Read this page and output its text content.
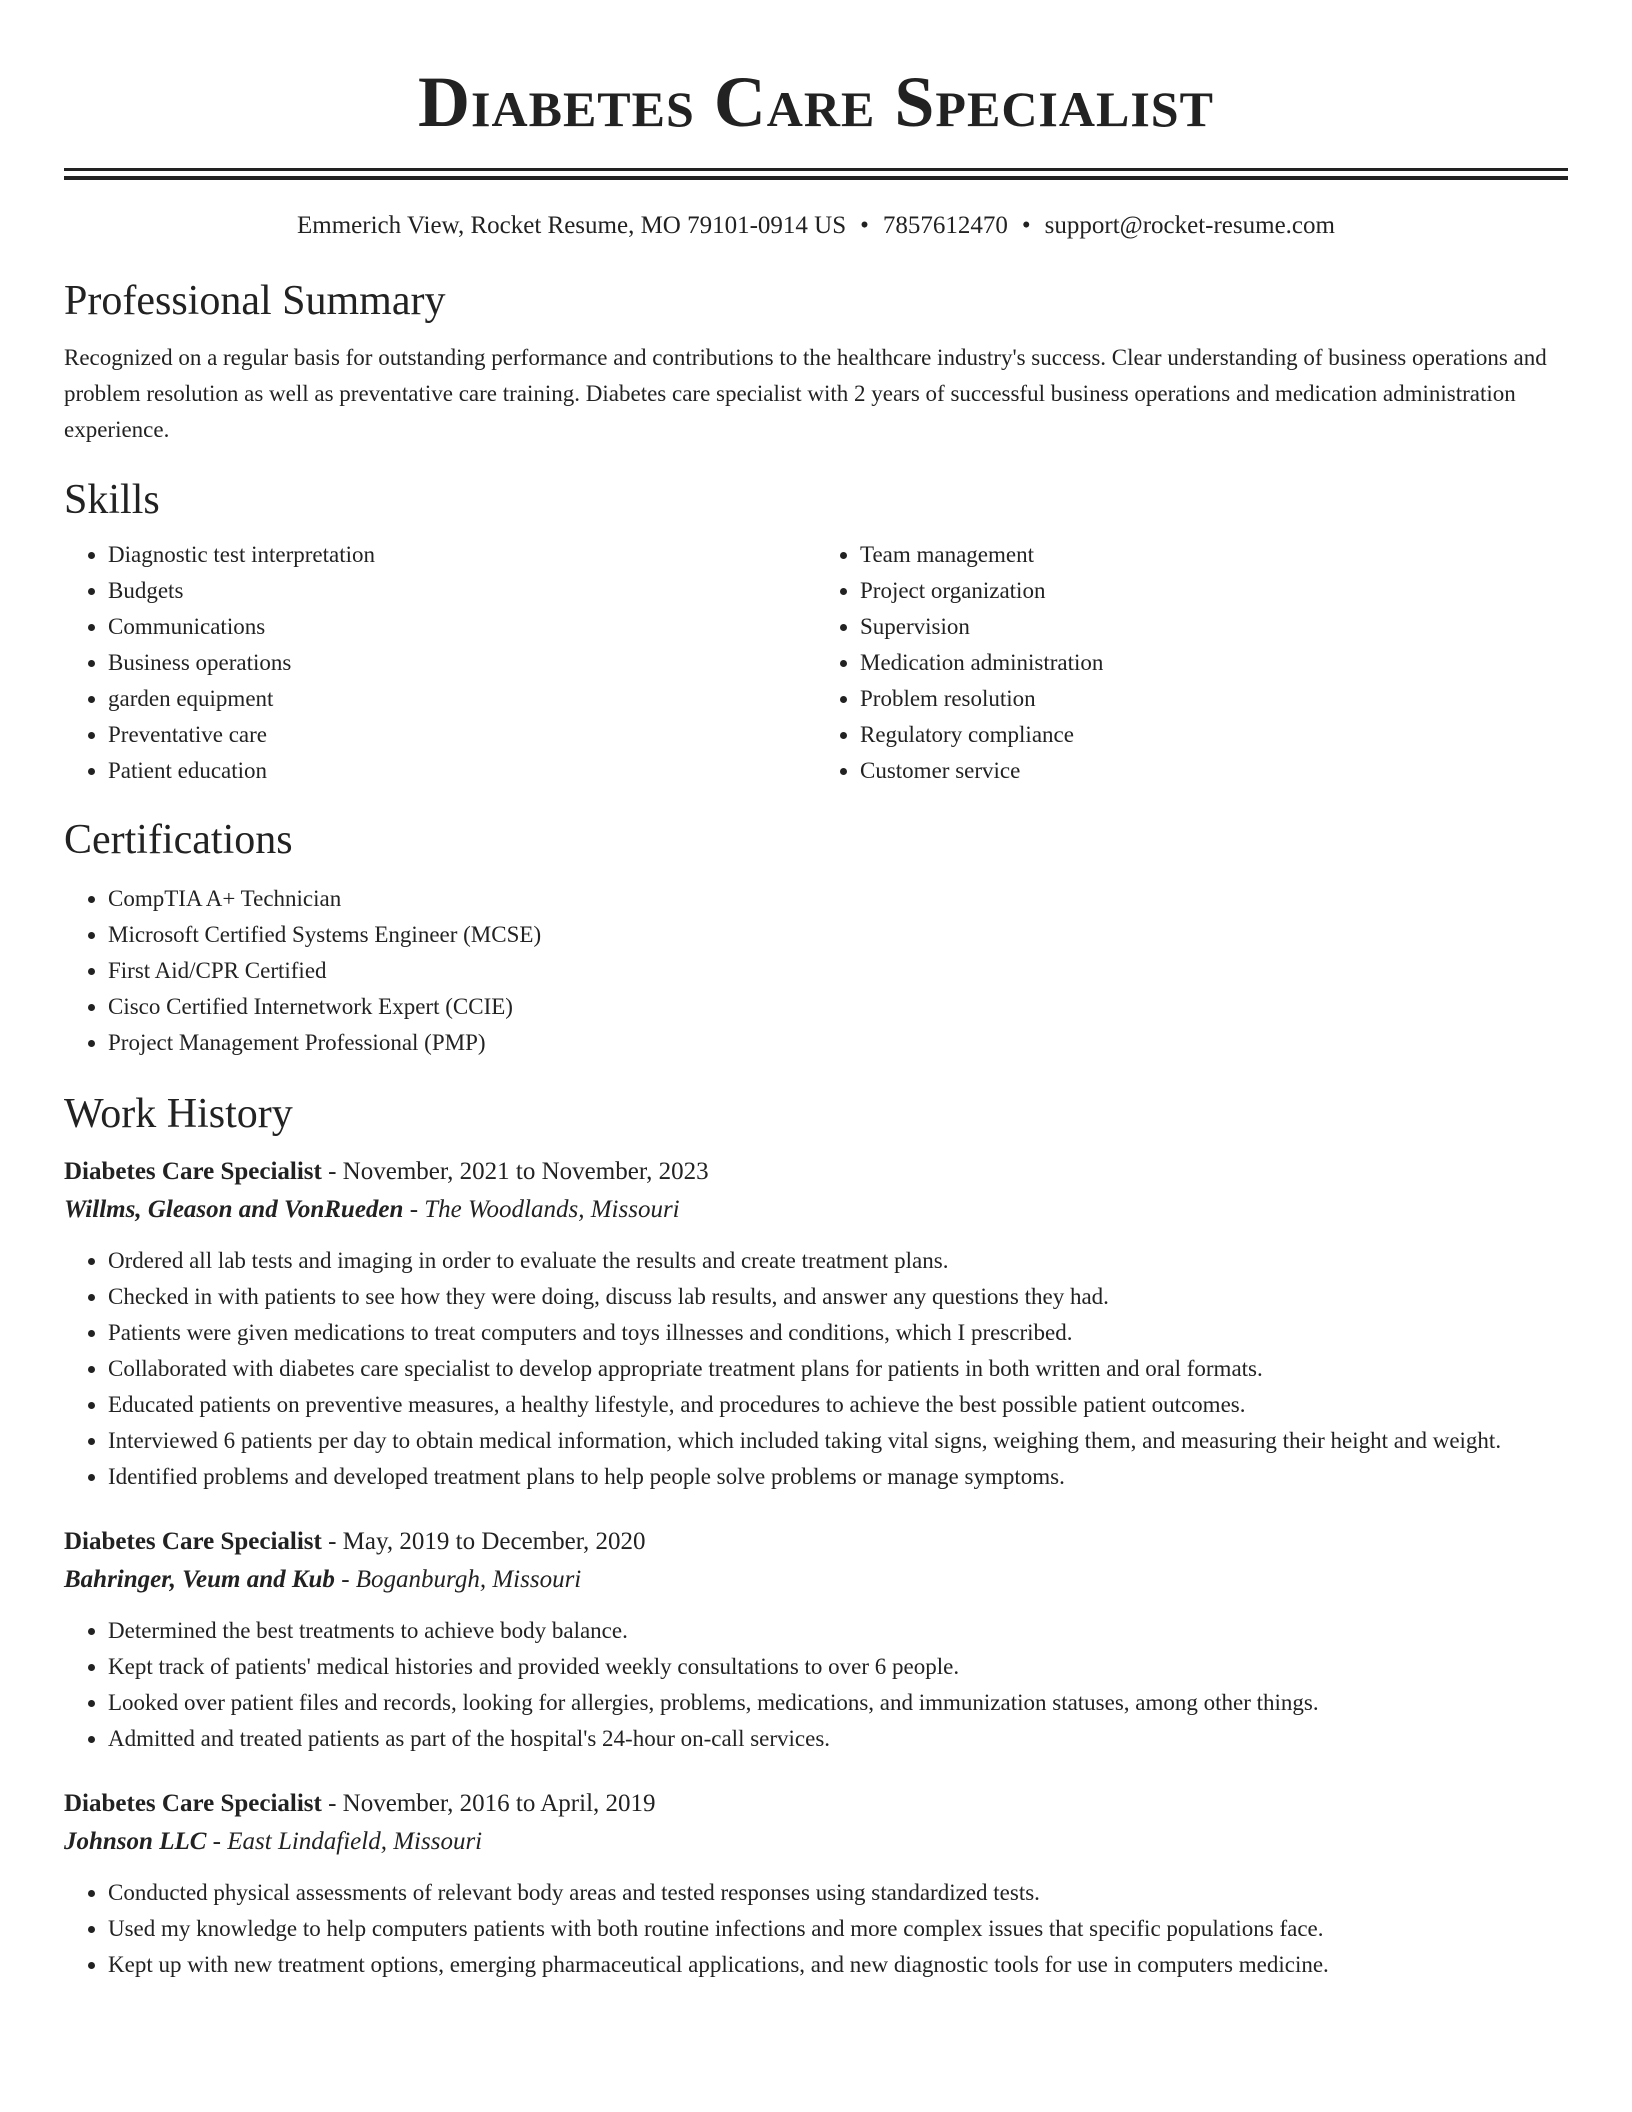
Diabetes Care Specialist
Emmerich View, Rocket Resume, MO 79101-0914 US • 7857612470 • support@rocket-resume.com
Professional Summary

Recognized on a regular basis for outstanding performance and contributions to the healthcare industry's success. Clear understanding of business operations and problem resolution as well as preventative care training. Diabetes care specialist with 2 years of successful business operations and medication administration experience.

Skills
• Diagnostic test interpretation
• Budgets
• Communications
• Business operations
• garden equipment
• Preventative care
• Patient education
• Team management
• Project organization
• Supervision
• Medication administration
• Problem resolution
• Regulatory compliance
• Customer service
Certifications
• CompTIA A+ Technician
• Microsoft Certified Systems Engineer (MCSE)
• First Aid/CPR Certified
• Cisco Certified Internetwork Expert (CCIE)
• Project Management Professional (PMP)
Work History
Diabetes Care Specialist - November, 2021 to November, 2023
Willms, Gleason and VonRueden - The Woodlands, Missouri
• Ordered all lab tests and imaging in order to evaluate the results and create treatment plans.
• Checked in with patients to see how they were doing, discuss lab results, and answer any questions they had.
• Patients were given medications to treat computers and toys illnesses and conditions, which I prescribed.
• Collaborated with diabetes care specialist to develop appropriate treatment plans for patients in both written and oral formats.
• Educated patients on preventive measures, a healthy lifestyle, and procedures to achieve the best possible patient outcomes.
• Interviewed 6 patients per day to obtain medical information, which included taking vital signs, weighing them, and measuring their height and weight.
• Identified problems and developed treatment plans to help people solve problems or manage symptoms.
Diabetes Care Specialist - May, 2019 to December, 2020
Bahringer, Veum and Kub - Boganburgh, Missouri
• Determined the best treatments to achieve body balance.
• Kept track of patients' medical histories and provided weekly consultations to over 6 people.
• Looked over patient files and records, looking for allergies, problems, medications, and immunization statuses, among other things.
• Admitted and treated patients as part of the hospital's 24-hour on-call services.
Diabetes Care Specialist - November, 2016 to April, 2019
Johnson LLC - East Lindafield, Missouri
• Conducted physical assessments of relevant body areas and tested responses using standardized tests.
• Used my knowledge to help computers patients with both routine infections and more complex issues that specific populations face.
• Kept up with new treatment options, emerging pharmaceutical applications, and new diagnostic tools for use in computers medicine.
